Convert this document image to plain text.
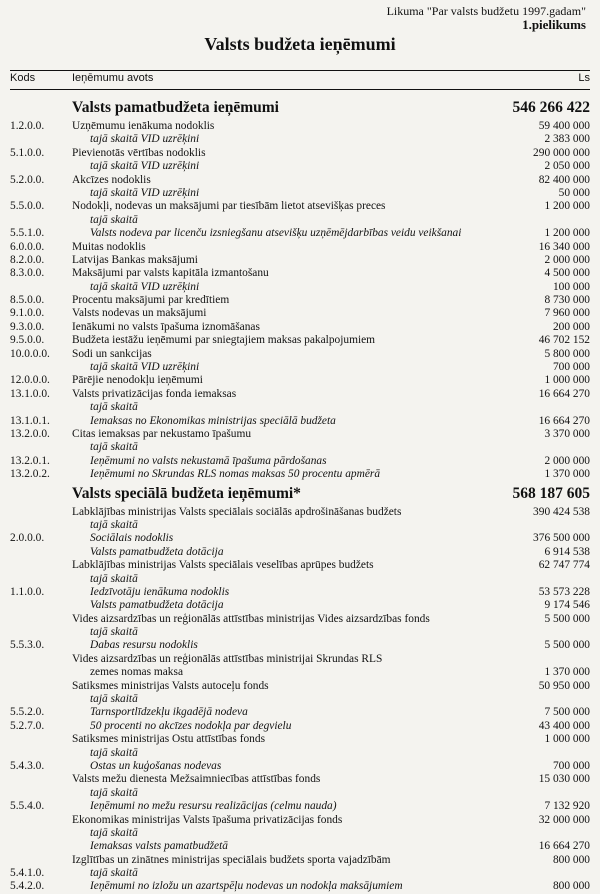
Likuma "Par valsts budžetu 1997.gadam"
1.pielikums
Valsts budžeta ieņēmumi
Kods	Ieņēmumu avots	Ls
Valsts pamatbudžeta ieņēmumi	546 266 422
1.2.0.0.	Uzņēmumu ienākuma nodoklis	59 400 000
tajā skaitā VID uzrēķini	2 383 000
5.1.0.0.	Pievienotās vērtības nodoklis	290 000 000
tajā skaitā VID uzrēķini	2 050 000
5.2.0.0.	Akcīzes nodoklis	82 400 000
tajā skaitā VID uzrēķini	50 000
5.5.0.0.	Nodokļi, nodevas un maksājumi par tiesībām lietot atsevišķas preces	1 200 000
tajā skaitā
5.5.1.0.	Valsts nodeva par licenču izsniegšanu atsevišķu uzņēmējdarbības veidu veikšanai	1 200 000
6.0.0.0.	Muitas nodoklis	16 340 000
8.2.0.0.	Latvijas Bankas maksājumi	2 000 000
8.3.0.0.	Maksājumi par valsts kapitāla izmantošanu	4 500 000
tajā skaitā VID uzrēķini	100 000
8.5.0.0.	Procentu maksājumi par kredītiem	8 730 000
9.1.0.0.	Valsts nodevas un maksājumi	7 960 000
9.3.0.0.	Ienākumi no valsts īpašuma iznomāšanas	200 000
9.5.0.0.	Budžeta iestāžu ieņēmumi par sniegtajiem maksas pakalpojumiem	46 702 152
10.0.0.0.	Sodi un sankcijas	5 800 000
tajā skaitā VID uzrēķini	700 000
12.0.0.0.	Pārējie nenodokļu ieņēmumi	1 000 000
13.1.0.0.	Valsts privatizācijas fonda iemaksas	16 664 270
tajā skaitā
13.1.0.1.	Iemaksas no Ekonomikas ministrijas speciālā budžeta	16 664 270
13.2.0.0.	Citas iemaksas par nekustamo īpašumu	3 370 000
tajā skaitā
13.2.0.1.	Ieņēmumi no valsts nekustamā īpašuma pārdošanas	2 000 000
13.2.0.2.	Ieņēmumi no Skrundas RLS nomas maksas 50 procentu apmērā	1 370 000
Valsts speciālā budžeta ieņēmumi*	568 187 605
Labklājības ministrijas Valsts speciālais sociālās apdrošināšanas budžets	390 424 538
tajā skaitā
2.0.0.0.	Sociālais nodoklis	376 500 000
Valsts pamatbudžeta dotācija	6 914 538
Labklājības ministrijas Valsts speciālais veselības aprūpes budžets	62 747 774
tajā skaitā
1.1.0.0.	Iedzīvotāju ienākuma nodoklis	53 573 228
Valsts pamatbudžeta dotācija	9 174 546
Vides aizsardzības un reģionālās attīstības ministrijas Vides aizsardzības fonds	5 500 000
tajā skaitā
5.5.3.0.	Dabas resursu nodoklis	5 500 000
Vides aizsardzības un reģionālās attīstības ministrijai Skrundas RLS
zemes nomas maksa	1 370 000
Satiksmes ministrijas Valsts autoceļu fonds	50 950 000
tajā skaitā
5.5.2.0.	Tarnsportlīdzekļu ikgadējā nodeva	7 500 000
5.2.7.0.	50 procenti no akcīzes nodokļa par degvielu	43 400 000
Satiksmes ministrijas Ostu attīstības fonds	1 000 000
tajā skaitā
5.4.3.0.	Ostas un kuģošanas nodevas	700 000
Valsts mežu dienesta Mežsaimniecības attīstības fonds	15 030 000
tajā skaitā
5.5.4.0.	Ieņēmumi no mežu resursu realizācijas (celmu nauda)	7 132 920
Ekonomikas ministrijas Valsts īpašuma privatizācijas fonds	32 000 000
tajā skaitā
Iemaksas valsts pamatbudžetā	16 664 270
Izglītības un zinātnes ministrijas speciālais budžets sporta vajadzībām	800 000
5.4.1.0.	tajā skaitā
5.4.2.0.	Ieņēmumi no izložu un azartspēļu nodevas un nodokļa maksājumiem	800 000
